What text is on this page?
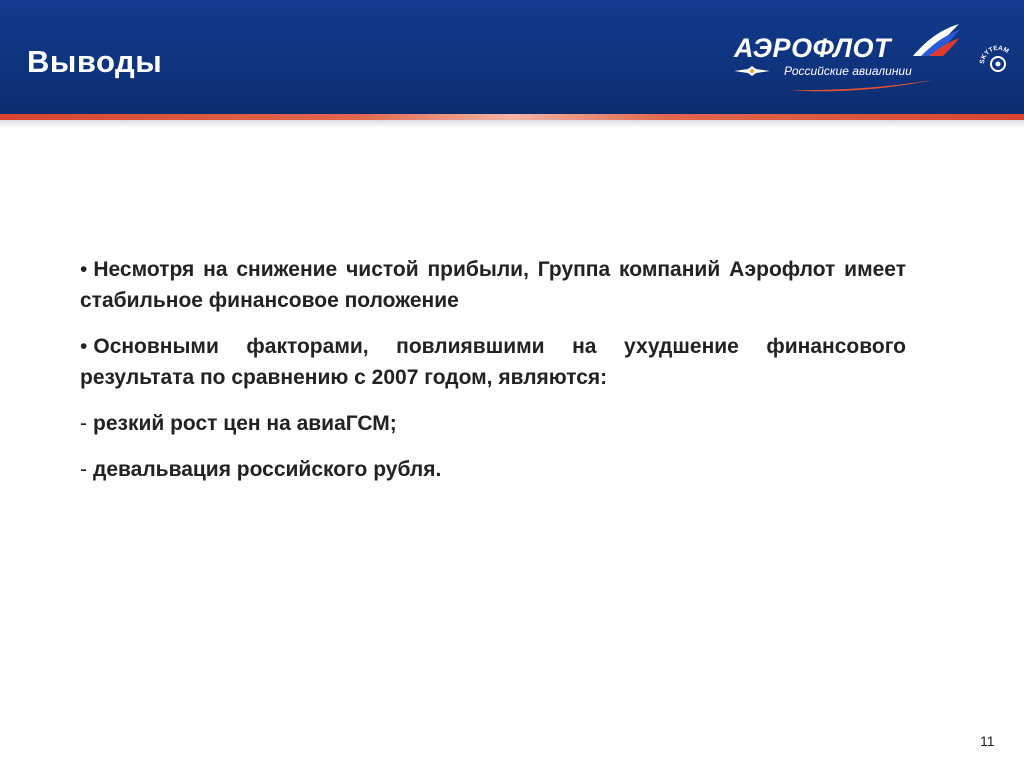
Выводы	АЭРОФЛОТ
Российские авиалинии
SKYTEAM

• Несмотря на снижение чистой прибыли, Группа компаний Аэрофлот имеет стабильное финансовое положение

• Основными факторами, повлиявшими на ухудшение финансового результата по сравнению с 2007 годом, являются:

- резкий рост цен на авиаГСМ;

- девальвация российского рубля.

11
